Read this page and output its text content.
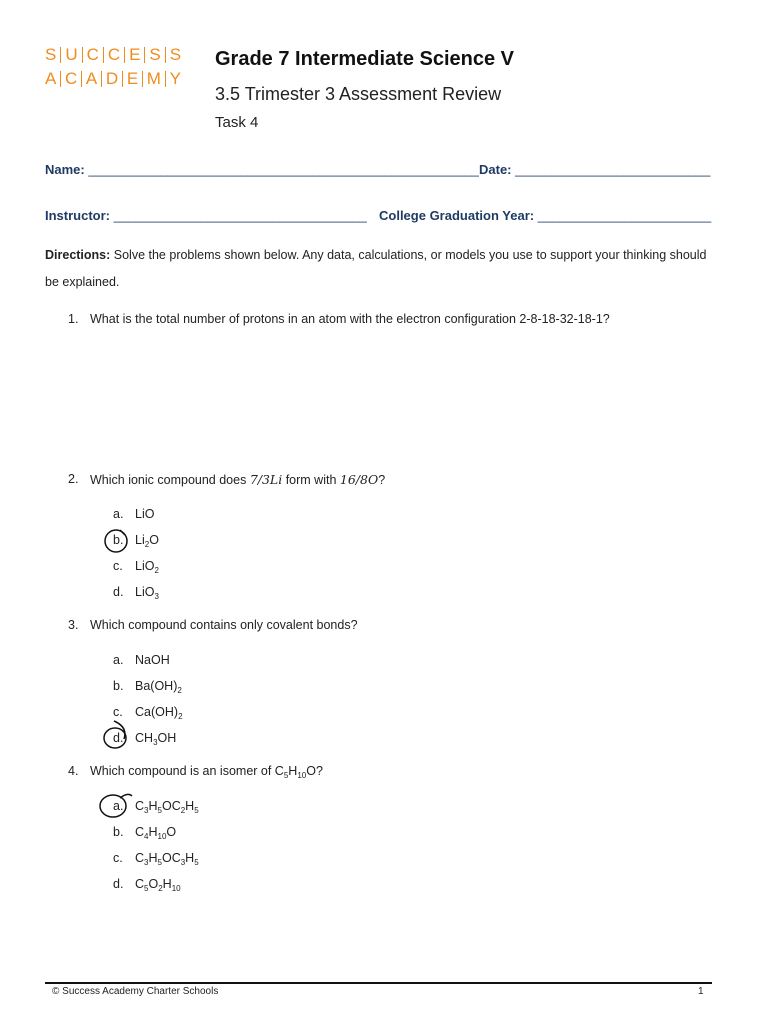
S U C C E S S
A C A D E M Y
Grade 7 Intermediate Science V
3.5 Trimester 3 Assessment Review
Task 4
Name: ______________________________________________________ Date: ___________________________
Instructor: ___________________________________ College Graduation Year: ________________________
Directions: Solve the problems shown below. Any data, calculations, or models you use to support your thinking should be explained.
1. What is the total number of protons in an atom with the electron configuration 2-8-18-32-18-1?
2. Which ionic compound does 7/3Li form with 16/8O?
a. LiO
b. $Li_2O$
c. LiO$_2$
d. LiO$_3$
3. Which compound contains only covalent bonds?
a. NaOH
b. $Ba(OH)_2$
c. $Ca(OH)_2$
d. $CH_3OH$
4. Which compound is an isomer of $C_5H_{10}O$?
a. $C_3H_5OC_2H_5$
b. $C_4H_{10}O$
c. $C_3H_5OC_3H_5$
d. $C_5O_2H_{10}$
© Success Academy Charter Schools	1
